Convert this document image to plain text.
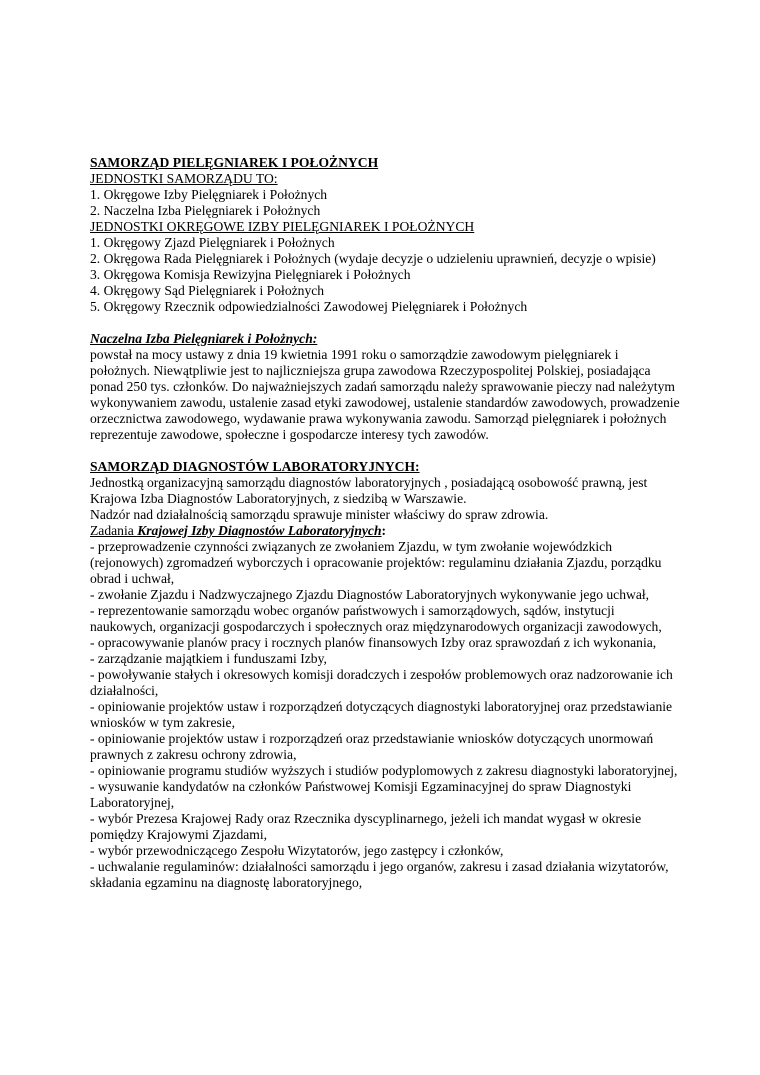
SAMORZĄD PIELĘGNIAREK I POŁOŻNYCH
JEDNOSTKI SAMORZĄDU TO:
1. Okręgowe Izby Pielęgniarek i Położnych
2. Naczelna Izba Pielęgniarek i Położnych
JEDNOSTKI OKRĘGOWE IZBY PIELĘGNIAREK I POŁOŻNYCH
1. Okręgowy Zjazd Pielęgniarek i Położnych
2. Okręgowa Rada Pielęgniarek i Położnych (wydaje decyzje o udzieleniu uprawnień, decyzje o wpisie)
3. Okręgowa Komisja Rewizyjna Pielęgniarek i Położnych
4. Okręgowy Sąd Pielęgniarek i Położnych
5. Okręgowy Rzecznik odpowiedzialności Zawodowej Pielęgniarek i Położnych
Naczelna Izba Pielęgniarek i Położnych:
powstał na mocy ustawy z dnia 19 kwietnia 1991 roku o samorządzie zawodowym pielęgniarek i położnych. Niewątpliwie jest to najliczniejsza grupa zawodowa Rzeczypospolitej Polskiej, posiadająca ponad 250 tys. członków. Do najważniejszych zadań samorządu należy sprawowanie pieczy nad należytym wykonywaniem zawodu, ustalenie zasad etyki zawodowej, ustalenie standardów zawodowych, prowadzenie orzecznictwa zawodowego, wydawanie prawa wykonywania zawodu. Samorząd pielęgniarek i położnych reprezentuje zawodowe, społeczne i gospodarcze interesy tych zawodów.
SAMORZĄD DIAGNOSTÓW LABORATORYJNYCH:
Jednostką organizacyjną samorządu diagnostów laboratoryjnych , posiadającą osobowość prawną, jest Krajowa Izba Diagnostów Laboratoryjnych, z siedzibą w Warszawie.
Nadzór nad działalnością samorządu sprawuje minister właściwy do spraw zdrowia.
Zadania Krajowej Izby Diagnostów Laboratoryjnych:
- przeprowadzenie czynności związanych ze zwołaniem Zjazdu, w tym zwołanie wojewódzkich (rejonowych) zgromadzeń wyborczych i opracowanie projektów: regulaminu działania Zjazdu, porządku obrad i uchwał,
- zwołanie Zjazdu i Nadzwyczajnego Zjazdu Diagnostów Laboratoryjnych wykonywanie jego uchwał,
- reprezentowanie samorządu wobec organów państwowych i samorządowych, sądów, instytucji naukowych, organizacji gospodarczych i społecznych oraz międzynarodowych organizacji zawodowych,
- opracowywanie planów pracy i rocznych planów finansowych Izby oraz sprawozdań z ich wykonania,
- zarządzanie majątkiem i funduszami Izby,
- powoływanie stałych i okresowych komisji doradczych i zespołów problemowych oraz nadzorowanie ich działalności,
- opiniowanie projektów ustaw i rozporządzeń dotyczących diagnostyki laboratoryjnej oraz przedstawianie wniosków w tym zakresie,
- opiniowanie projektów ustaw i rozporządzeń oraz przedstawianie wniosków dotyczących unormowań prawnych z zakresu ochrony zdrowia,
- opiniowanie programu studiów wyższych i studiów podyplomowych z zakresu diagnostyki laboratoryjnej,
- wysuwanie kandydatów na członków Państwowej Komisji Egzaminacyjnej do spraw Diagnostyki Laboratoryjnej,
- wybór Prezesa Krajowej Rady oraz Rzecznika dyscyplinarnego, jeżeli ich mandat wygasł w okresie pomiędzy Krajowymi Zjazdami,
- wybór przewodniczącego Zespołu Wizytatorów, jego zastępcy i członków,
- uchwalanie regulaminów: działalności samorządu i jego organów, zakresu i zasad działania wizytatorów, składania egzaminu na diagnostę laboratoryjnego,
